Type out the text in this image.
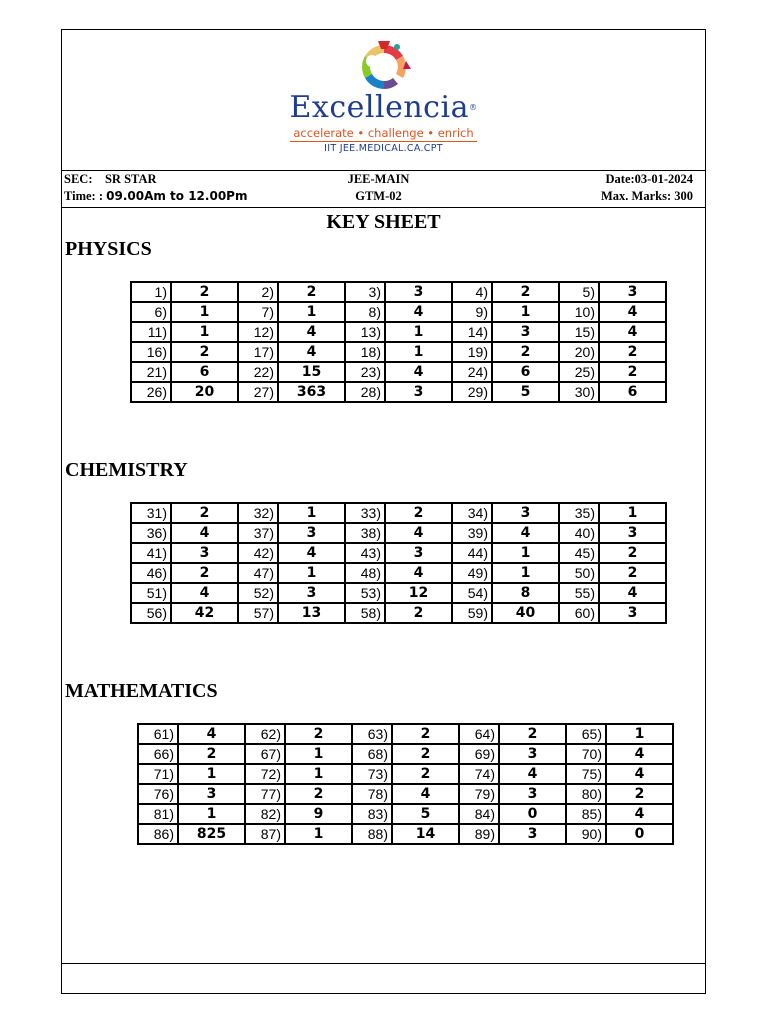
Excellencia®
accelerate • challenge • enrich
IIT JEE.MEDICAL.CA.CPT
JEE-MAIN
SEC: SR STAR	Date:03-01-2024
GTM-02
Time: : 09.00Am to 12.00Pm	Max. Marks: 300
KEY SHEET
PHYSICS
1)	2	2)	2	3)	3	4)	2	5)	3
6)	1	7)	1	8)	4	9)	1	10)	4
11)	1	12)	4	13)	1	14)	3	15)	4
16)	2	17)	4	18)	1	19)	2	20)	2
21)	6	22)	15	23)	4	24)	6	25)	2
26)	20	27)	363	28)	3	29)	5	30)	6
CHEMISTRY
31)	2	32)	1	33)	2	34)	3	35)	1
36)	4	37)	3	38)	4	39)	4	40)	3
41)	3	42)	4	43)	3	44)	1	45)	2
46)	2	47)	1	48)	4	49)	1	50)	2
51)	4	52)	3	53)	12	54)	8	55)	4
56)	42	57)	13	58)	2	59)	40	60)	3
MATHEMATICS
61)	4	62)	2	63)	2	64)	2	65)	1
66)	2	67)	1	68)	2	69)	3	70)	4
71)	1	72)	1	73)	2	74)	4	75)	4
76)	3	77)	2	78)	4	79)	3	80)	2
81)	1	82)	9	83)	5	84)	0	85)	4
86)	825	87)	1	88)	14	89)	3	90)	0
